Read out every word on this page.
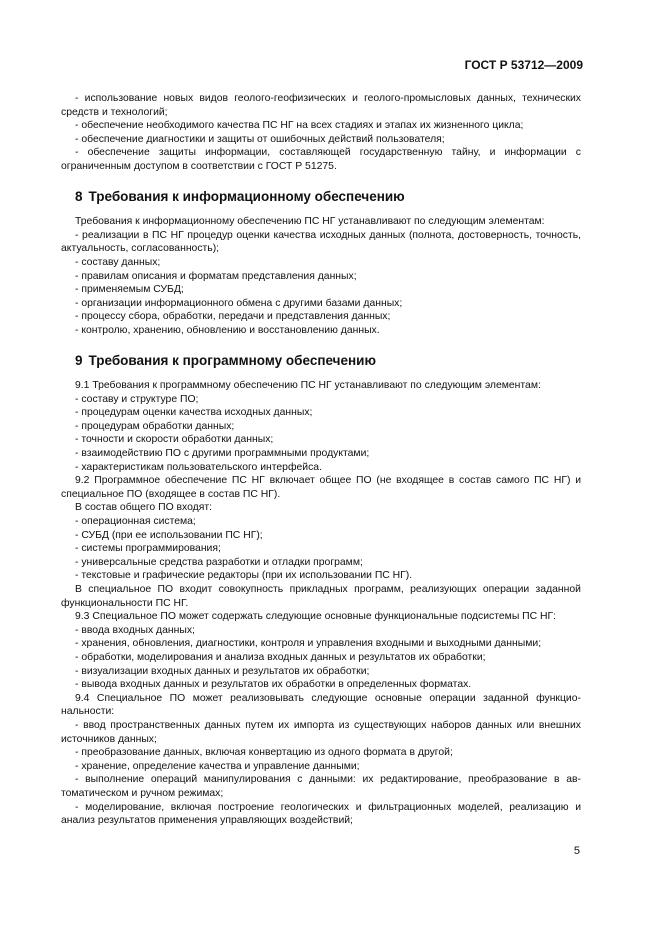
ГОСТ Р 53712—2009

- использование новых видов геолого-геофизических и геолого-промысловых данных, технических средств и технологий;

- обеспечение необходимого качества ПС НГ на всех стадиях и этапах их жизненного цикла;

- обеспечение диагностики и защиты от ошибочных действий пользователя;

- обеспечение защиты информации, составляющей государственную тайну, и информации с ограниченным доступом в соответствии с ГОСТ Р 51275.

8 Требования к информационному обеспечению

Требования к информационному обеспечению ПС НГ устанавливают по следующим элементам:

- реализации в ПС НГ процедур оценки качества исходных данных (полнота, достоверность, точность, актуальность, согласованность);

- составу данных;

- правилам описания и форматам представления данных;

- применяемым СУБД;

- организации информационного обмена с другими базами данных;

- процессу сбора, обработки, передачи и представления данных;

- контролю, хранению, обновлению и восстановлению данных.

9 Требования к программному обеспечению

9.1 Требования к программному обеспечению ПС НГ устанавливают по следующим элементам:

- составу и структуре ПО;

- процедурам оценки качества исходных данных;

- процедурам обработки данных;

- точности и скорости обработки данных;

- взаимодействию ПО с другими программными продуктами;

- характеристикам пользовательского интерфейса.

9.2 Программное обеспечение ПС НГ включает общее ПО (не входящее в состав самого ПС НГ) и специальное ПО (входящее в состав ПС НГ).

В состав общего ПО входят:

- операционная система;

- СУБД (при ее использовании ПС НГ);

- системы программирования;

- универсальные средства разработки и отладки программ;

- текстовые и графические редакторы (при их использовании ПС НГ).

В специальное ПО входит совокупность прикладных программ, реализующих операции заданной функциональности ПС НГ.

9.3 Специальное ПО может содержать следующие основные функциональные подсистемы ПС НГ:

- ввода входных данных;

- хранения, обновления, диагностики, контроля и управления входными и выходными данными;

- обработки, моделирования и анализа входных данных и результатов их обработки;

- визуализации входных данных и результатов их обработки;

- вывода входных данных и результатов их обработки в определенных форматах.

9.4 Специальное ПО может реализовывать следующие основные операции заданной функциональности:

- ввод пространственных данных путем их импорта из существующих наборов данных или внешних источников данных;

- преобразование данных, включая конвертацию из одного формата в другой;

- хранение, определение качества и управление данными;

- выполнение операций манипулирования с данными: их редактирование, преобразование в автоматическом и ручном режимах;

- моделирование, включая построение геологических и фильтрационных моделей, реализацию и анализ результатов применения управляющих воздействий;

5
